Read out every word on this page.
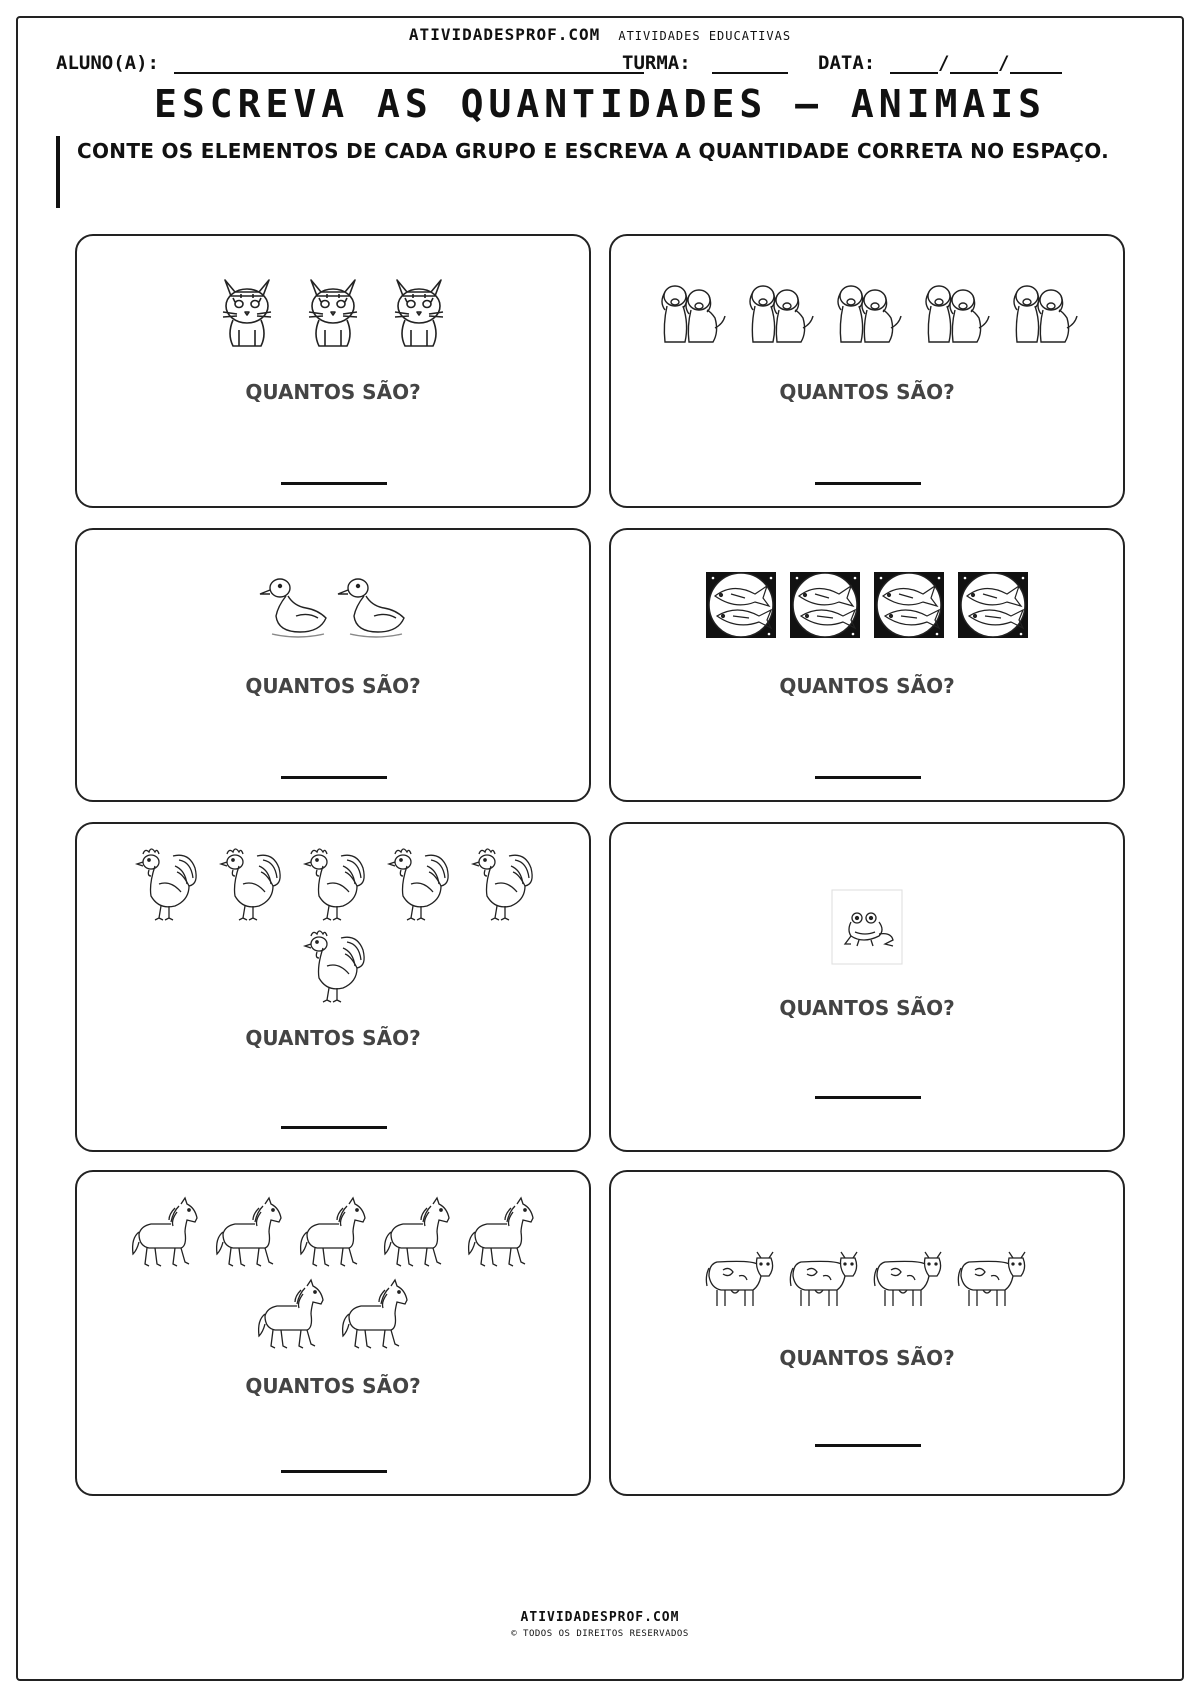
ATIVIDADESPROF.COM ATIVIDADES EDUCATIVAS
ALUNO(A):	TURMA:	DATA:	/	/
ESCREVA AS QUANTIDADES — ANIMAIS
CONTE OS ELEMENTOS DE CADA GRUPO E ESCREVA A QUANTIDADE CORRETA NO ESPAÇO.
QUANTOS SÃO?	QUANTOS SÃO?
QUANTOS SÃO?	QUANTOS SÃO?
QUANTOS SÃO?
QUANTOS SÃO?
QUANTOS SÃO?
QUANTOS SÃO?
ATIVIDADESPROF.COM
© TODOS OS DIREITOS RESERVADOS
